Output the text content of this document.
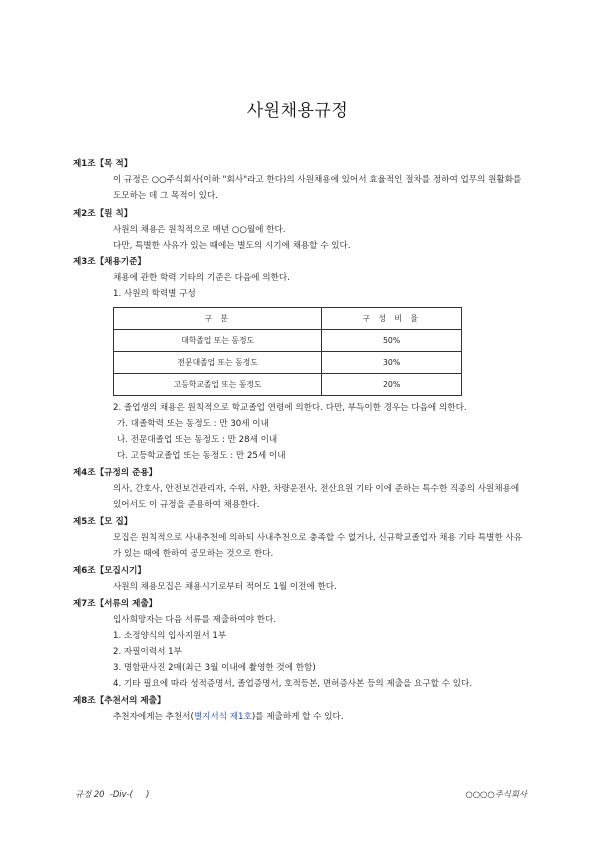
사원채용규정
제1조【목 적】
이 규정은 ○○주식회사(이하 "회사"라고 한다)의 사원채용에 있어서 효율적인 절차를 정하여 업무의 원활화를 도모하는 데 그 목적이 있다.
제2조【원 칙】

사원의 채용은 원칙적으로 매년 ○○월에 한다.

다만, 특별한 사유가 있는 때에는 별도의 시기에 채용할 수 있다.

제3조【채용기준】

채용에 관한 학력 기타의 기준은 다음에 의한다.

1. 사원의 학력별 구성

구 분	구 성 비 율
대학졸업 또는 동정도	50%
전문대졸업 또는 동정도	30%
고등학교졸업 또는 동정도	20%
2. 졸업생의 채용은 원칙적으로 학교졸업 연령에 의한다. 다만, 부득이한 경우는 다음에 의한다.

가. 대졸학력 또는 동정도 : 만 30세 이내

나. 전문대졸업 또는 동정도 : 만 28세 이내

다. 고등학교졸업 또는 동정도 : 만 25세 이내

제4조【규정의 준용】
의사, 간호사, 안전보건관리자, 수위, 사환, 차량운전사, 전산요원 기타 이에 준하는 특수한 직종의 사원채용에 있어서도 이 규정을 준용하여 채용한다.
제5조【모 집】
모집은 원칙적으로 사내추천에 의하되 사내추천으로 충족할 수 없거나, 신규학교졸업자 채용 기타 특별한 사유가 있는 때에 한하여 공모하는 것으로 한다.
제6조【모집시기】

사원의 채용모집은 채용시기로부터 적어도 1월 이전에 한다.

제7조【서류의 제출】

입사희망자는 다음 서류를 제출하여야 한다.

1. 소정양식의 입사지원서 1부

2. 자필이력서 1부

3. 명함판사진 2매(최근 3월 이내에 촬영한 것에 한함)

4. 기타 필요에 따라 성적증명서, 졸업증명서, 호적등본, 면허증사본 등의 제출을 요구할 수 있다.
제8조【추천서의 제출】

추천자에게는 추천서(별지서식 제1호)를 제출하게 할 수 있다.

규정 20  -Div-(     )	○○○○주식회사
